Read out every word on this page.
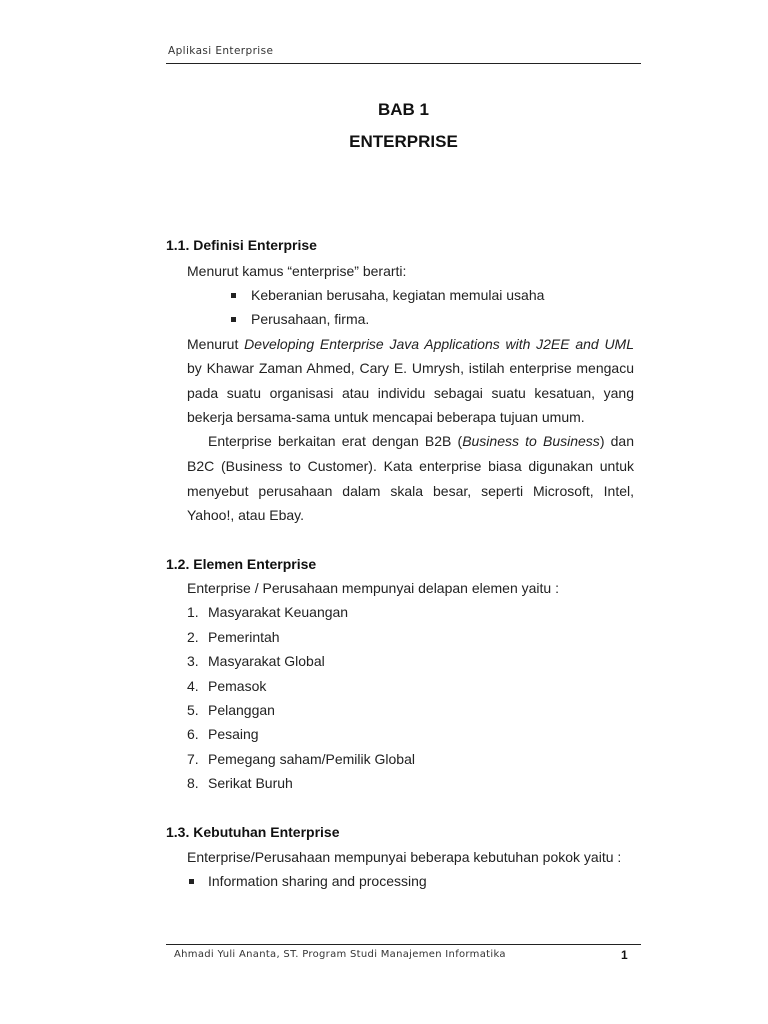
Aplikasi Enterprise
BAB 1
ENTERPRISE
1.1. Definisi Enterprise
Menurut kamus “enterprise” berarti:
Keberanian berusaha, kegiatan memulai usaha
Perusahaan, firma.
Menurut Developing Enterprise Java Applications with J2EE and UML
by Khawar Zaman Ahmed, Cary E. Umrysh, istilah enterprise mengacu
pada suatu organisasi atau individu sebagai suatu kesatuan, yang
bekerja bersama-sama untuk mencapai beberapa tujuan umum.
Enterprise berkaitan erat dengan B2B (Business to Business) dan
B2C (Business to Customer). Kata enterprise biasa digunakan untuk
menyebut perusahaan dalam skala besar, seperti Microsoft, Intel,
Yahoo!, atau Ebay.
1.2. Elemen Enterprise
Enterprise / Perusahaan mempunyai delapan elemen yaitu :
1. Masyarakat Keuangan
2. Pemerintah
3. Masyarakat Global
4. Pemasok
5. Pelanggan
6. Pesaing
7. Pemegang saham/Pemilik Global
8. Serikat Buruh
1.3. Kebutuhan Enterprise
Enterprise/Perusahaan mempunyai beberapa kebutuhan pokok yaitu :
Information sharing and processing
Ahmadi Yuli Ananta, ST. Program Studi Manajemen Informatika	1
